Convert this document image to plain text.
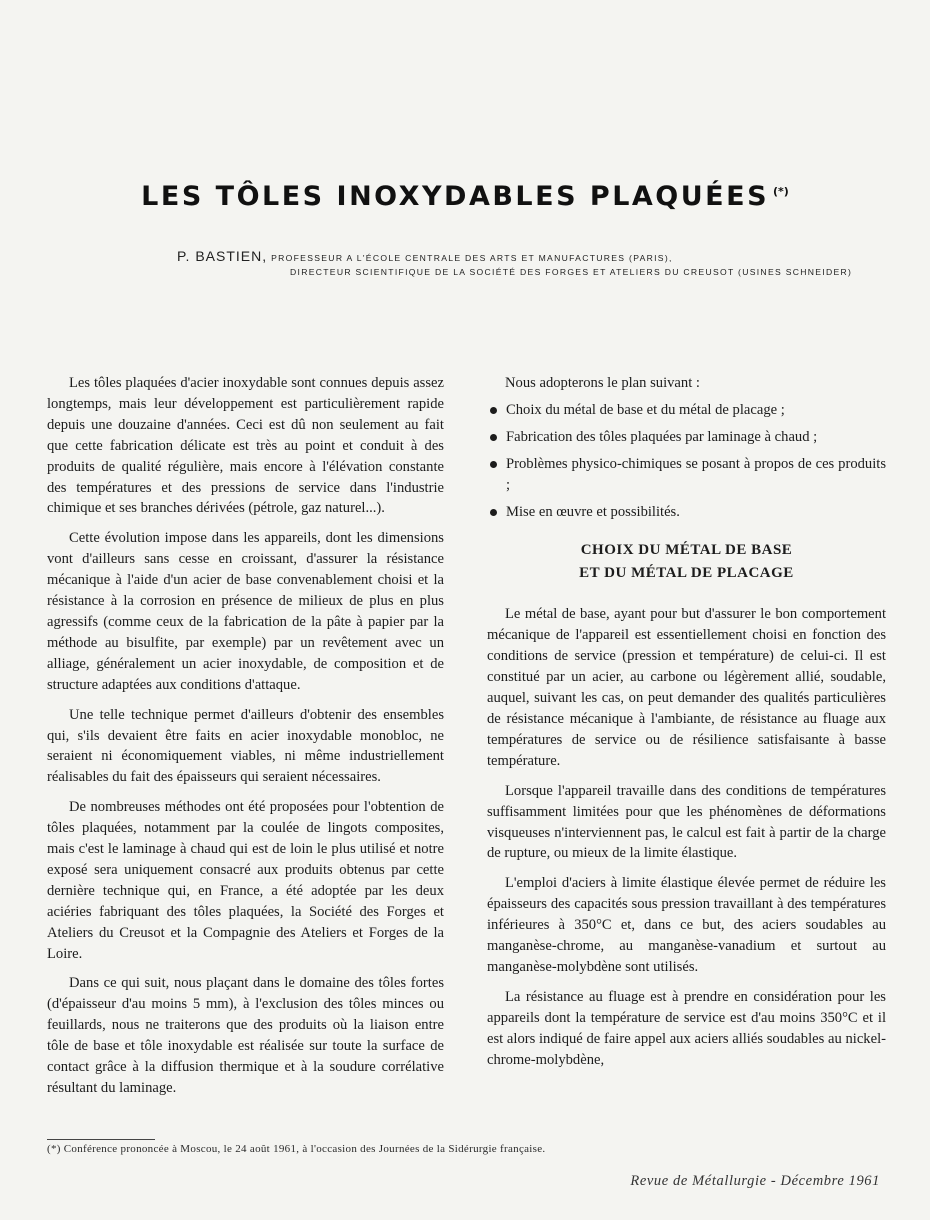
LES TÔLES INOXYDABLES PLAQUÉES (*)
P. BASTIEN, PROFESSEUR A L'ÉCOLE CENTRALE DES ARTS ET MANUFACTURES (PARIS),
DIRECTEUR SCIENTIFIQUE DE LA SOCIÉTÉ DES FORGES ET ATELIERS DU CREUSOT (USINES SCHNEIDER)

Les tôles plaquées d'acier inoxydable sont connues depuis assez longtemps, mais leur développement est particulièrement rapide depuis une douzaine d'années. Ceci est dû non seulement au fait que cette fabrication délicate est très au point et conduit à des produits de qualité régulière, mais encore à l'élévation constante des températures et des pressions de service dans l'industrie chimique et ses branches dérivées (pétrole, gaz naturel...).

Cette évolution impose dans les appareils, dont les dimensions vont d'ailleurs sans cesse en croissant, d'assurer la résistance mécanique à l'aide d'un acier de base convenablement choisi et la résistance à la corrosion en présence de milieux de plus en plus agressifs (comme ceux de la fabrication de la pâte à papier par la méthode au bisulfite, par exemple) par un revêtement avec un alliage, généralement un acier inoxydable, de composition et de structure adaptées aux conditions d'attaque.

Une telle technique permet d'ailleurs d'obtenir des ensembles qui, s'ils devaient être faits en acier inoxydable monobloc, ne seraient ni économiquement viables, ni même industriellement réalisables du fait des épaisseurs qui seraient nécessaires.

De nombreuses méthodes ont été proposées pour l'obtention de tôles plaquées, notamment par la coulée de lingots composites, mais c'est le laminage à chaud qui est de loin le plus utilisé et notre exposé sera uniquement consacré aux produits obtenus par cette dernière technique qui, en France, a été adoptée par les deux aciéries fabriquant des tôles plaquées, la Société des Forges et Ateliers du Creusot et la Compagnie des Ateliers et Forges de la Loire.

Dans ce qui suit, nous plaçant dans le domaine des tôles fortes (d'épaisseur d'au moins 5 mm), à l'exclusion des tôles minces ou feuillards, nous ne traiterons que des produits où la liaison entre tôle de base et tôle inoxydable est réalisée sur toute la surface de contact grâce à la diffusion thermique et à la soudure corrélative résultant du laminage.

Nous adopterons le plan suivant :

Choix du métal de base et du métal de placage ;
Fabrication des tôles plaquées par laminage à chaud ;
Problèmes physico-chimiques se posant à propos de ces produits ;
Mise en œuvre et possibilités.
CHOIX DU MÉTAL DE BASE
ET DU MÉTAL DE PLACAGE

Le métal de base, ayant pour but d'assurer le bon comportement mécanique de l'appareil est essentiellement choisi en fonction des conditions de service (pression et température) de celui-ci. Il est constitué par un acier, au carbone ou légèrement allié, soudable, auquel, suivant les cas, on peut demander des qualités particulières de résistance mécanique à l'ambiante, de résistance au fluage aux températures de service ou de résilience satisfaisante à basse température.

Lorsque l'appareil travaille dans des conditions de températures suffisamment limitées pour que les phénomènes de déformations visqueuses n'interviennent pas, le calcul est fait à partir de la charge de rupture, ou mieux de la limite élastique.

L'emploi d'aciers à limite élastique élevée permet de réduire les épaisseurs des capacités sous pression travaillant à des températures inférieures à 350°C et, dans ce but, des aciers soudables au manganèse-chrome, au manganèse-vanadium et surtout au manganèse-molybdène sont utilisés.

La résistance au fluage est à prendre en considération pour les appareils dont la température de service est d'au moins 350°C et il est alors indiqué de faire appel aux aciers alliés soudables au nickel-chrome-molybdène,

(*) Conférence prononcée à Moscou, le 24 août 1961, à l'occasion des Journées de la Sidérurgie française.
Revue de Métallurgie - Décembre 1961
